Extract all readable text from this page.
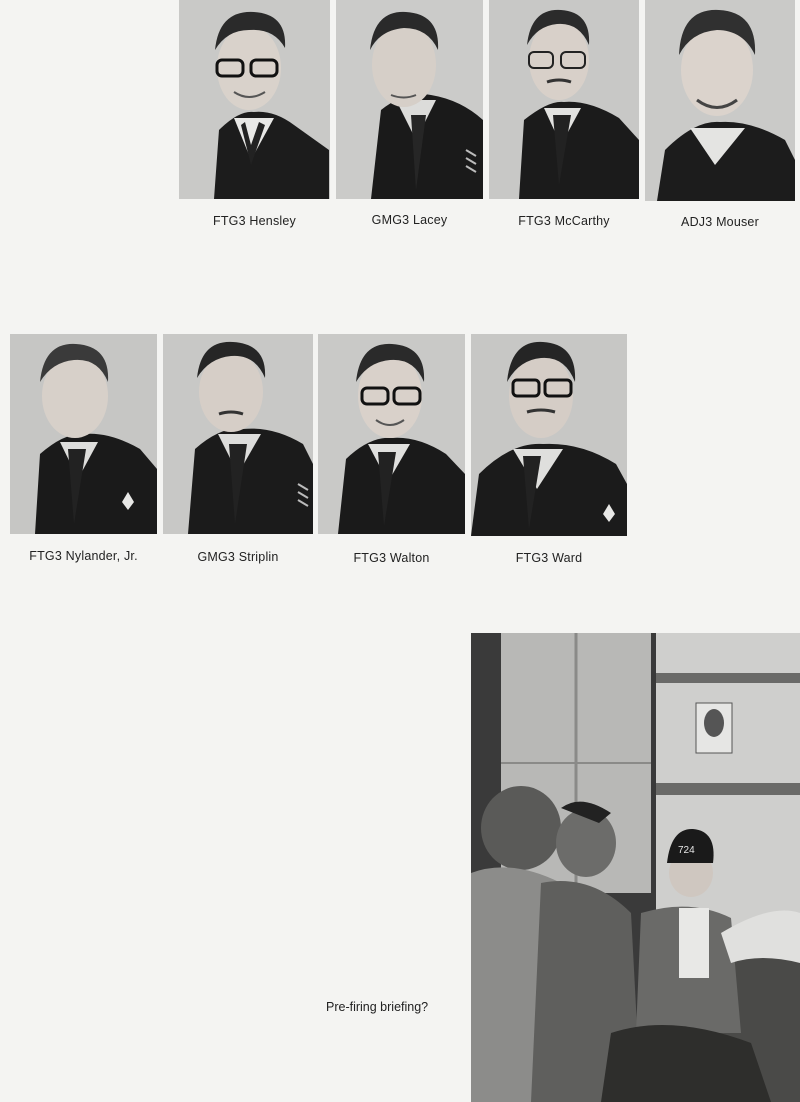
FTG3 Hensley	GMG3 Lacey	FTG3 McCarthy	ADJ3 Mouser
FTG3 Nylander, Jr.	GMG3 Striplin	FTG3 Walton	FTG3 Ward
724
Pre-firing briefing?
